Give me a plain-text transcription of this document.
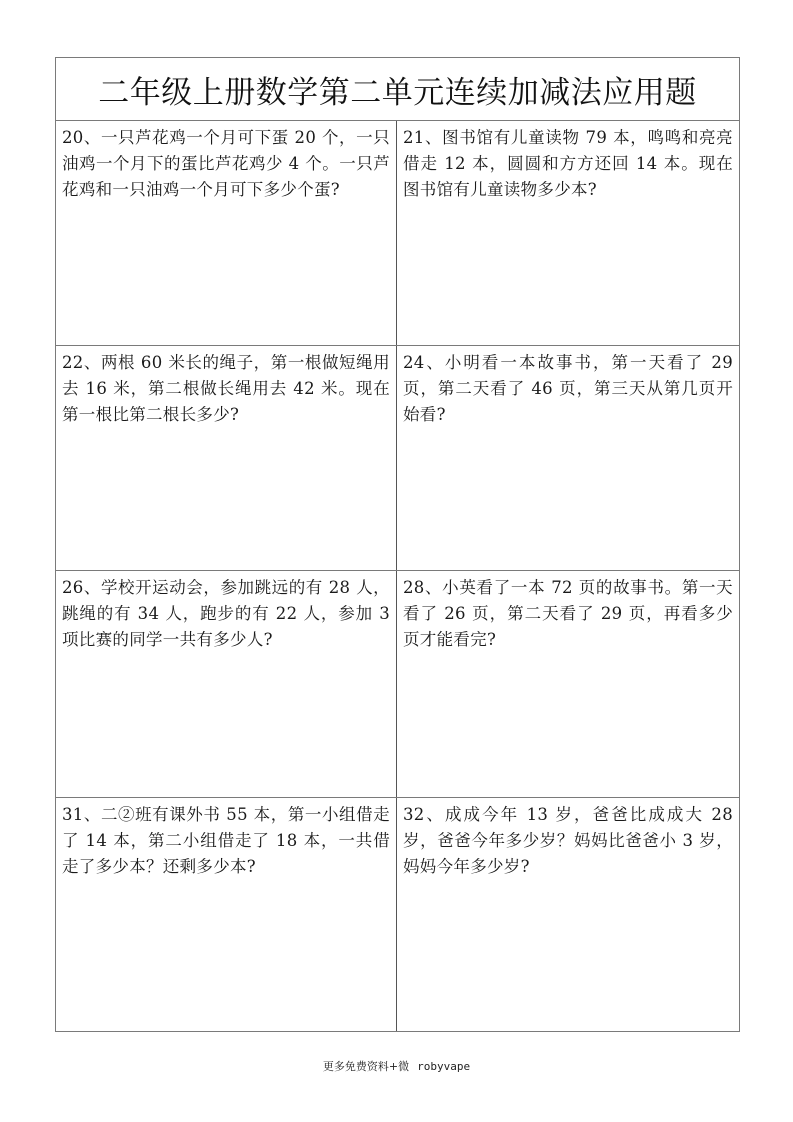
二年级上册数学第二单元连续加减法应用题
20、一只芦花鸡一个月可下蛋 20 个，一只油鸡一个月下的蛋比芦花鸡少 4 个。一只芦花鸡和一只油鸡一个月可下多少个蛋?
21、图书馆有儿童读物 79 本，鸣鸣和亮亮借走 12 本，圆圆和方方还回 14 本。现在图书馆有儿童读物多少本?
22、两根 60 米长的绳子，第一根做短绳用去 16 米，第二根做长绳用去 42 米。现在第一根比第二根长多少?
24、小明看一本故事书，第一天看了 29 页，第二天看了 46 页，第三天从第几页开始看?
26、学校开运动会，参加跳远的有 28 人，跳绳的有 34 人，跑步的有 22 人，参加 3 项比赛的同学一共有多少人?
28、小英看了一本 72 页的故事书。第一天看了 26 页，第二天看了 29 页，再看多少页才能看完?
31、二②班有课外书 55 本，第一小组借走了 14 本，第二小组借走了 18 本，一共借走了多少本？还剩多少本?
32、成成今年 13 岁，爸爸比成成大 28 岁，爸爸今年多少岁？妈妈比爸爸小 3 岁，妈妈今年多少岁?
更多免费资料+微 robyvape
